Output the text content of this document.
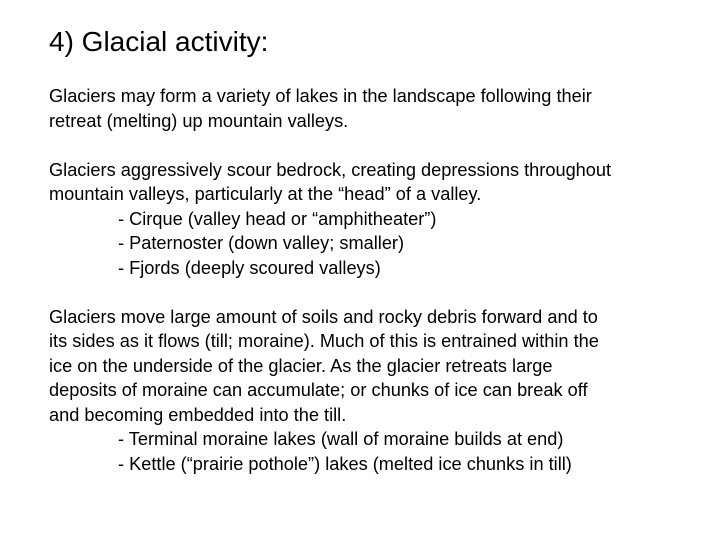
4) Glacial activity:
Glaciers may form a variety of lakes in the landscape following their
retreat (melting) up mountain valleys.
Glaciers aggressively scour bedrock, creating depressions throughout
mountain valleys, particularly at the “head” of a valley.
- Cirque (valley head or “amphitheater”)
- Paternoster (down valley; smaller)
- Fjords (deeply scoured valleys)
Glaciers move large amount of soils and rocky debris forward and to
its sides as it flows (till; moraine). Much of this is entrained within the
ice on the underside of the glacier. As the glacier retreats large
deposits of moraine can accumulate; or chunks of ice can break off
and becoming embedded into the till.
- Terminal moraine lakes (wall of moraine builds at end)
- Kettle (“prairie pothole”) lakes (melted ice chunks in till)
